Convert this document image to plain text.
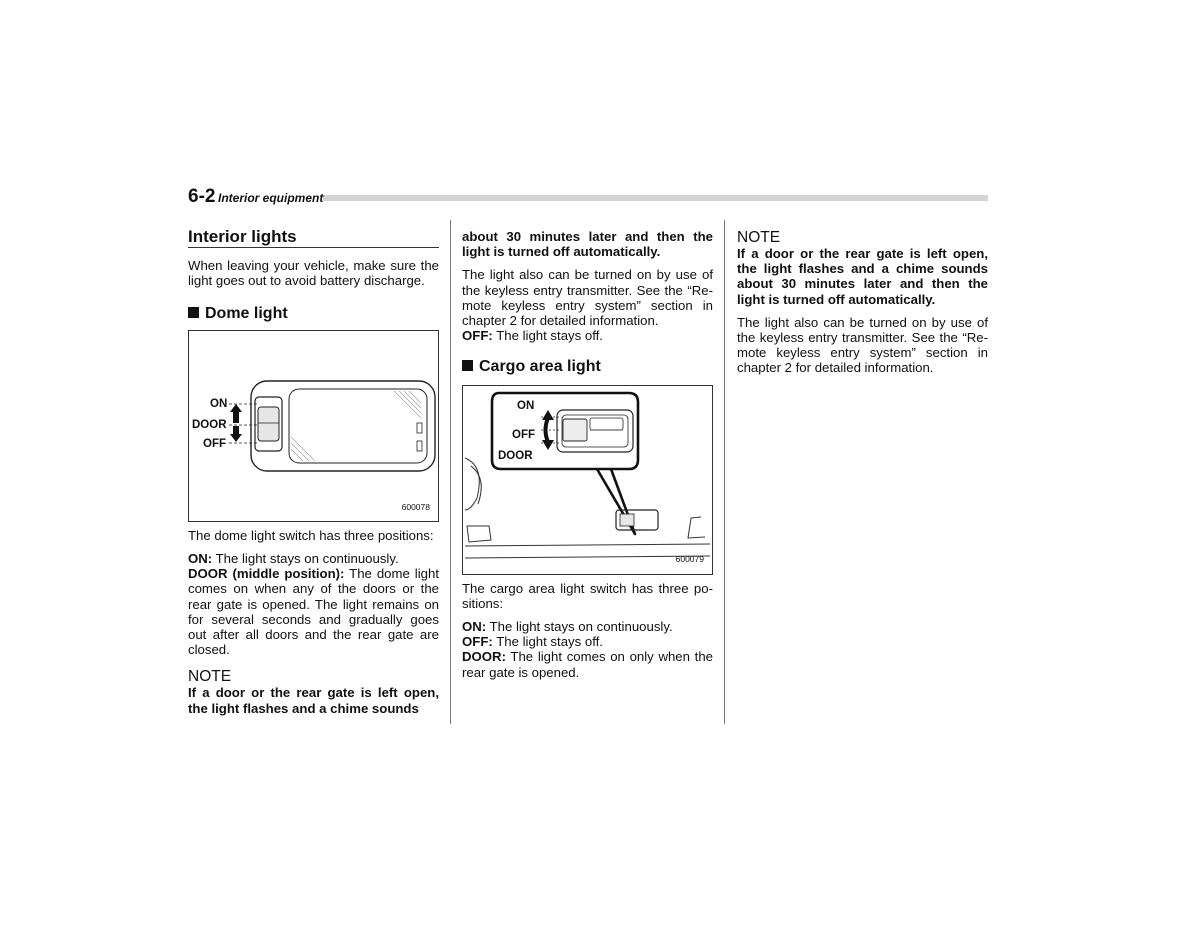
6-2 Interior equipment
Interior lights

When leaving your vehicle, make sure the light goes out to avoid battery discharge.

Dome light
ON
DOOR
OFF
600078

The dome light switch has three positions:

ON: The light stays on continuously.

DOOR (middle position): The dome light comes on when any of the doors or the rear gate is opened. The light remains on for several seconds and gradually goes out after all doors and the rear gate are closed.

NOTE

If a door or the rear gate is left open, the light flashes and a chime sounds

about 30 minutes later and then the light is turned off automatically.

The light also can be turned on by use of the keyless entry transmitter. See the “Re-mote keyless entry system” section in chapter 2 for detailed information.

OFF: The light stays off.

Cargo area light
ON
OFF
DOOR
600079

The cargo area light switch has three po-sitions:

ON: The light stays on continuously.

OFF: The light stays off.

DOOR: The light comes on only when the rear gate is opened.

NOTE

If a door or the rear gate is left open, the light flashes and a chime sounds about 30 minutes later and then the light is turned off automatically.

The light also can be turned on by use of the keyless entry transmitter. See the “Re-mote keyless entry system” section in chapter 2 for detailed information.
